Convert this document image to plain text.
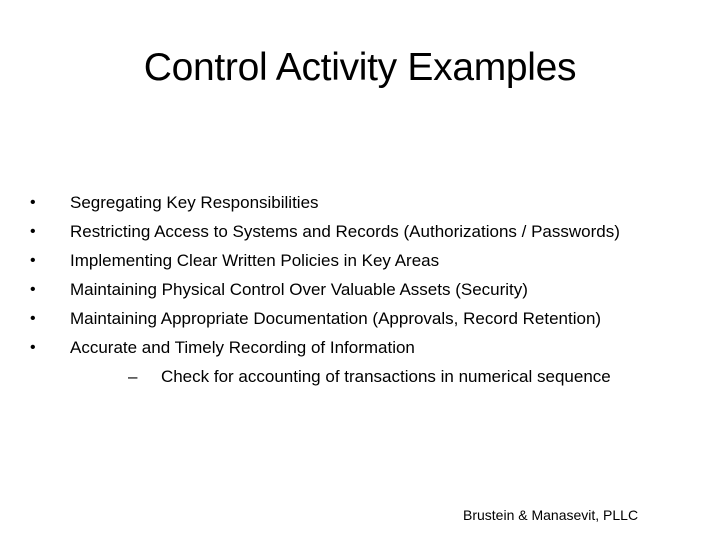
Control Activity Examples
•	Segregating Key Responsibilities
•	Restricting Access to Systems and Records (Authorizations / Passwords)
•	Implementing Clear Written Policies in Key Areas
•	Maintaining Physical Control Over Valuable Assets (Security)
•	Maintaining Appropriate Documentation (Approvals, Record Retention)
•	Accurate and Timely Recording of Information
– Check for accounting of transactions in numerical sequence
Brustein & Manasevit, PLLC
